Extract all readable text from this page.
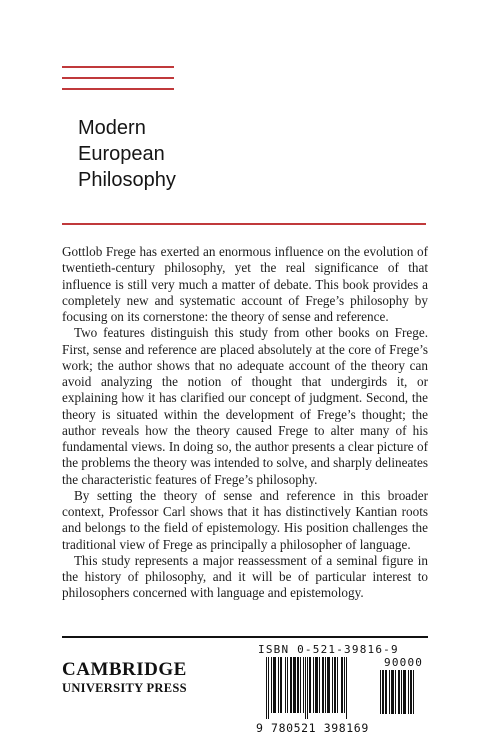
Modern
European
Philosophy

Gottlob Frege has exerted an enormous influence on the evolution of twentieth-century philosophy, yet the real significance of that influence is still very much a matter of debate. This book provides a completely new and systematic account of Frege’s philosophy by focusing on its cornerstone: the theory of sense and reference.

Two features distinguish this study from other books on Frege. First, sense and reference are placed absolutely at the core of Frege’s work; the author shows that no adequate account of the theory can avoid analyzing the notion of thought that undergirds it, or explaining how it has clarified our concept of judgment. Second, the theory is situated within the development of Frege’s thought; the author reveals how the theory caused Frege to alter many of his fundamental views. In doing so, the author presents a clear picture of the problems the theory was intended to solve, and sharply delineates the characteristic features of Frege’s philosophy.

By setting the theory of sense and reference in this broader context, Professor Carl shows that it has distinctively Kantian roots and belongs to the field of epistemology. His position challenges the traditional view of Frege as principally a philosopher of language.

This study represents a major reassessment of a seminal figure in the history of philosophy, and it will be of particular interest to philosophers concerned with language and epistemology.

CAMBRIDGE
UNIVERSITY PRESS
ISBN 0-521-39816-9
90000
9 780521 398169
